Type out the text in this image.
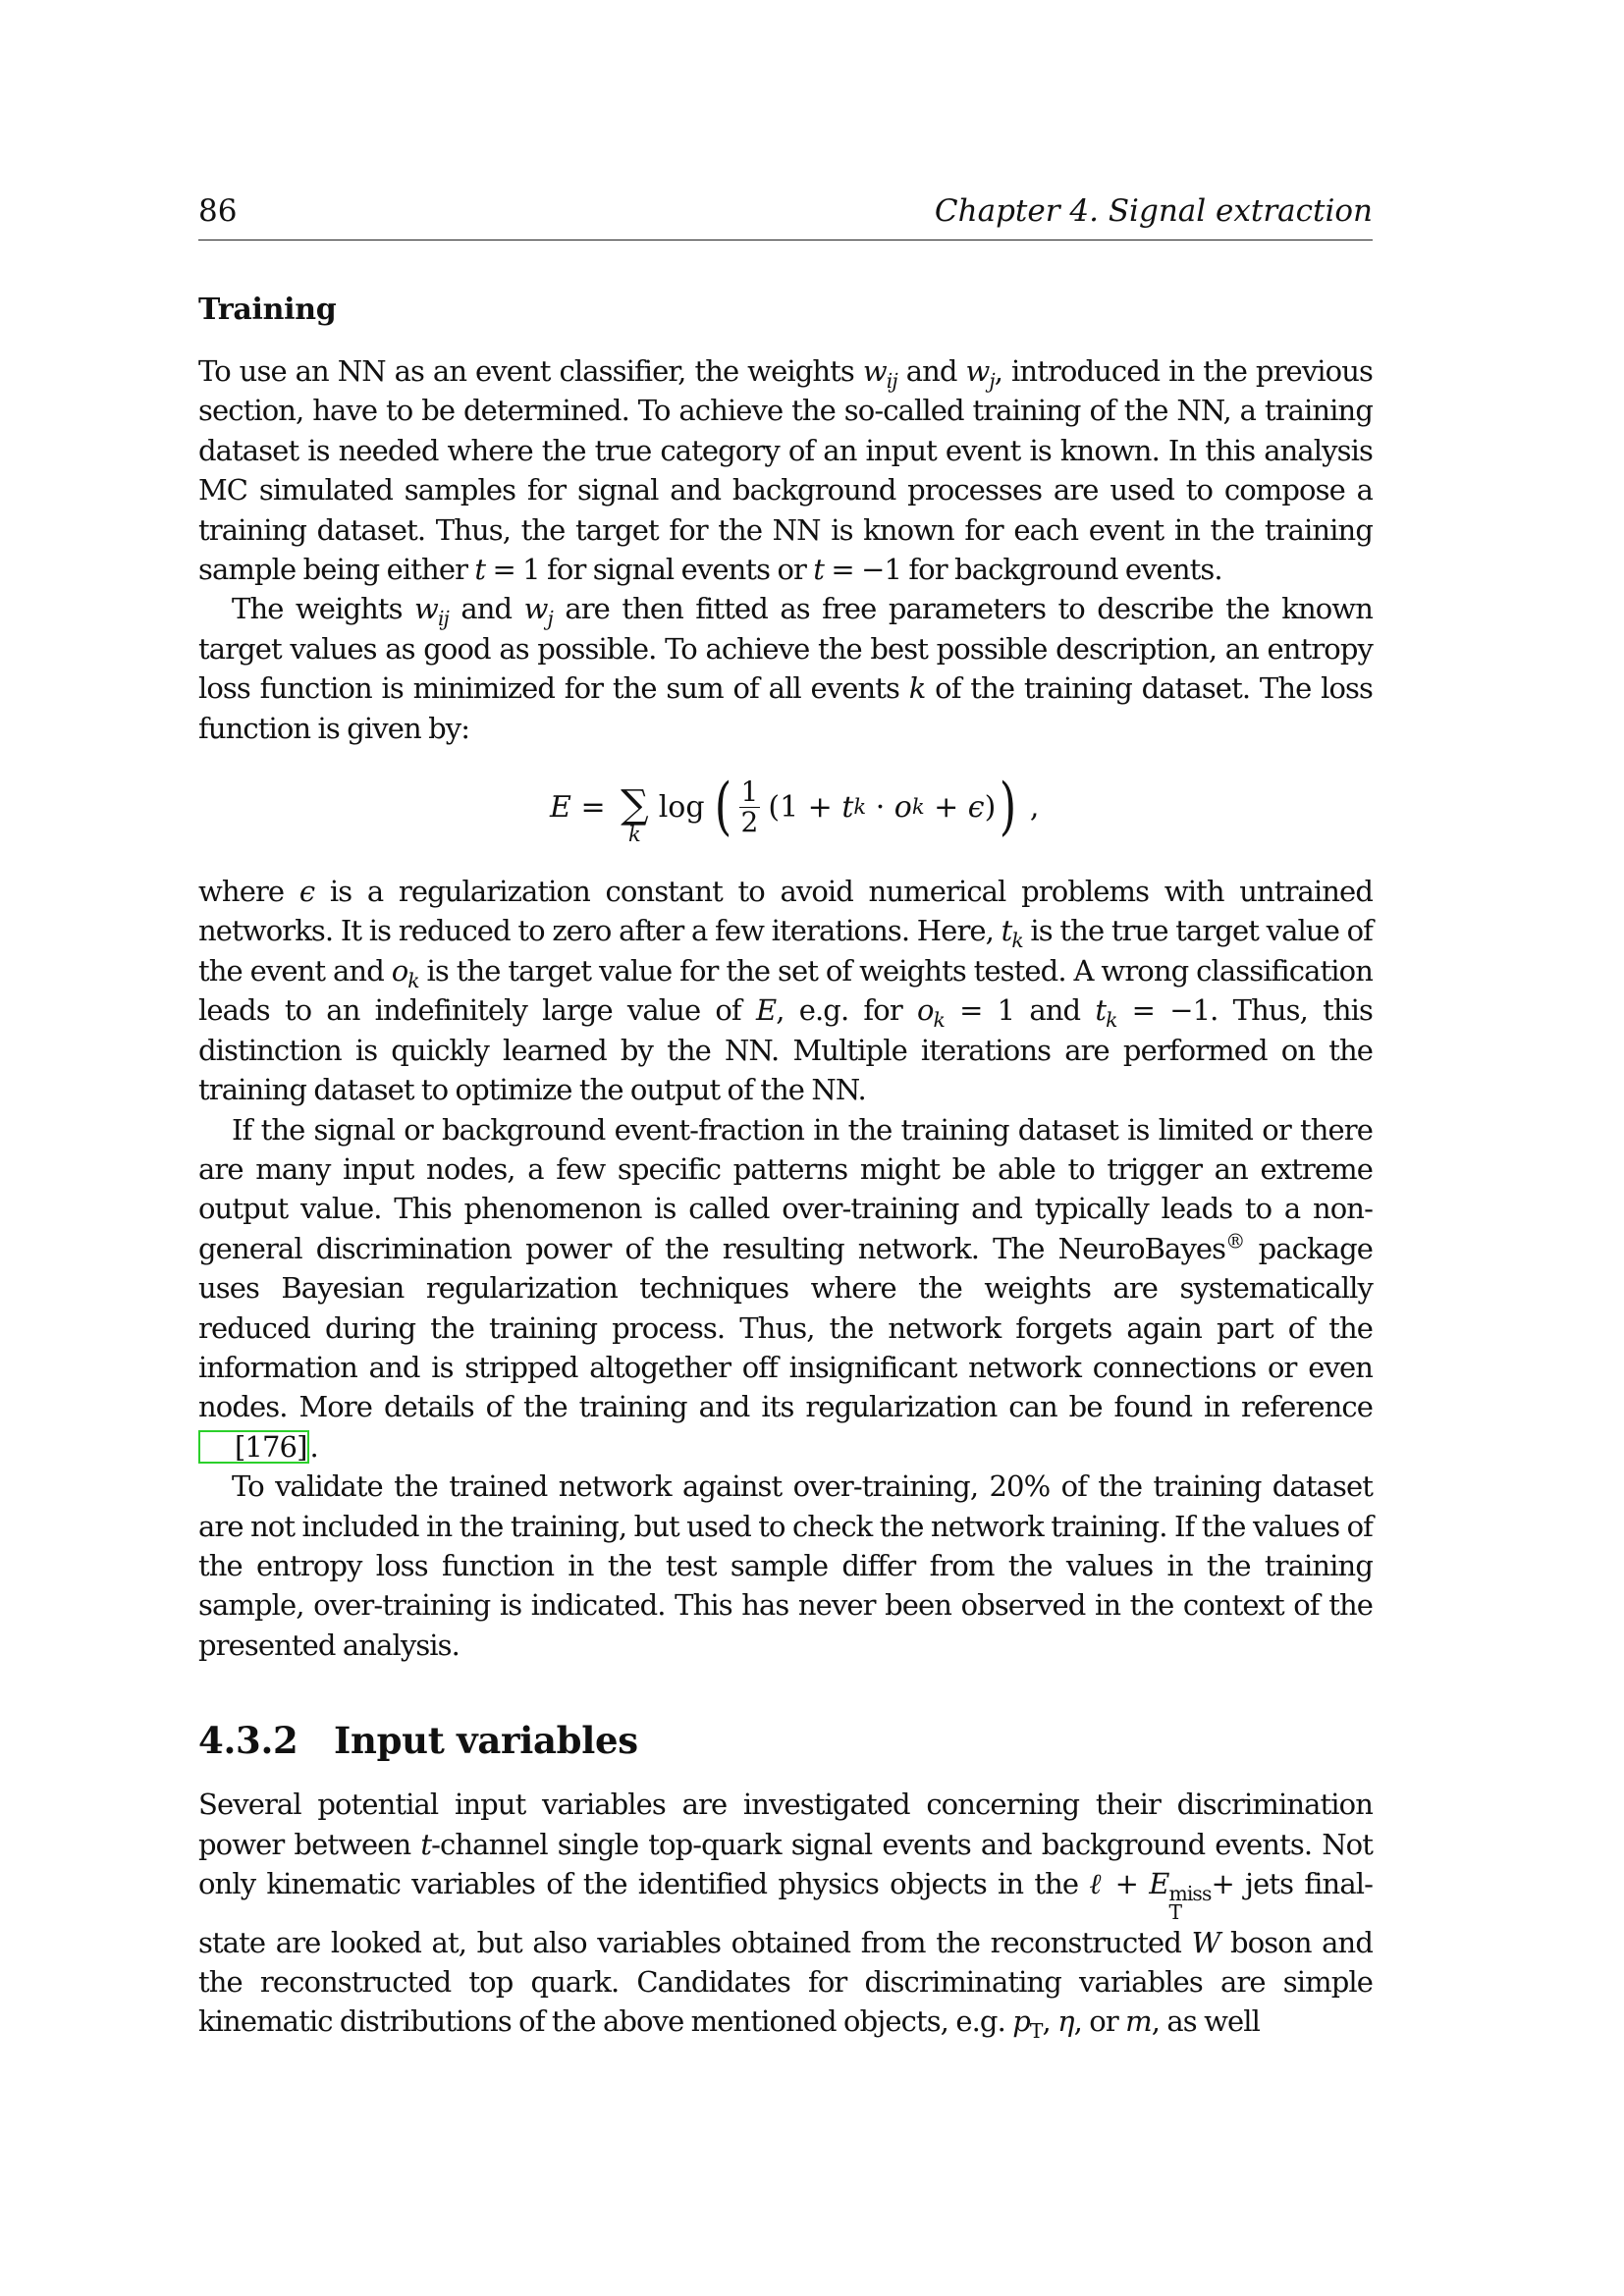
86	Chapter 4. Signal extraction
Training

To use an NN as an event classifier, the weights $w_{ij}$ and $w_j$, introduced in the previous section, have to be determined. To achieve the so-called training of the NN, a training dataset is needed where the true category of an input event is known. In this analysis MC simulated samples for signal and background processes are used to compose a training dataset. Thus, the target for the NN is known for each event in the training sample being either t = 1 for signal events or t = −1 for background events.

The weights $w_{ij}$ and $w_j$ are then fitted as free parameters to describe the known target values as good as possible. To achieve the best possible description, an entropy loss function is minimized for the sum of all events k of the training dataset. The loss function is given by:

E = ∑
k
log ( $\frac{1}{2} (1 + t$ k · o k + ϵ ) ) ,

where ϵ is a regularization constant to avoid numerical problems with untrained networks. It is reduced to zero after a few iterations. Here, $t_k$ is the true target value of the event and $o_k$ is the target value for the set of weights tested. A wrong classification leads to an indefinitely large value of E, e.g. for $o_k = 1$ and $t_k = -1$. Thus, this distinction is quickly learned by the NN. Multiple iterations are performed on the training dataset to optimize the output of the NN.

If the signal or background event-fraction in the training dataset is limited or there are many input nodes, a few specific patterns might be able to trigger an extreme output value. This phenomenon is called over-training and typically leads to a non-general discrimination power of the resulting network. The NeuroBayes® package uses Bayesian regularization techniques where the weights are systematically reduced during the training process. Thus, the network forgets again part of the information and is stripped altogether off insignificant network connections or even nodes. More details of the training and its regularization can be found in reference [176] .

To validate the trained network against over-training, 20% of the training dataset are not included in the training, but used to check the network training. If the values of the entropy loss function in the test sample differ from the values in the training sample, over-training is indicated. This has never been observed in the context of the presented analysis.

4.3.2 Input variables

Several potential input variables are investigated concerning their discrimination power between t-channel single top-quark signal events and background events. Not only kinematic variables of the identified physics objects in the ℓ + E miss
T
+ jets final-state are looked at, but also variables obtained from the reconstructed W boson and the reconstructed top quark. Candidates for discriminating variables are simple kinematic distributions of the above mentioned objects, e.g. $p_T$, η, or m, as well
